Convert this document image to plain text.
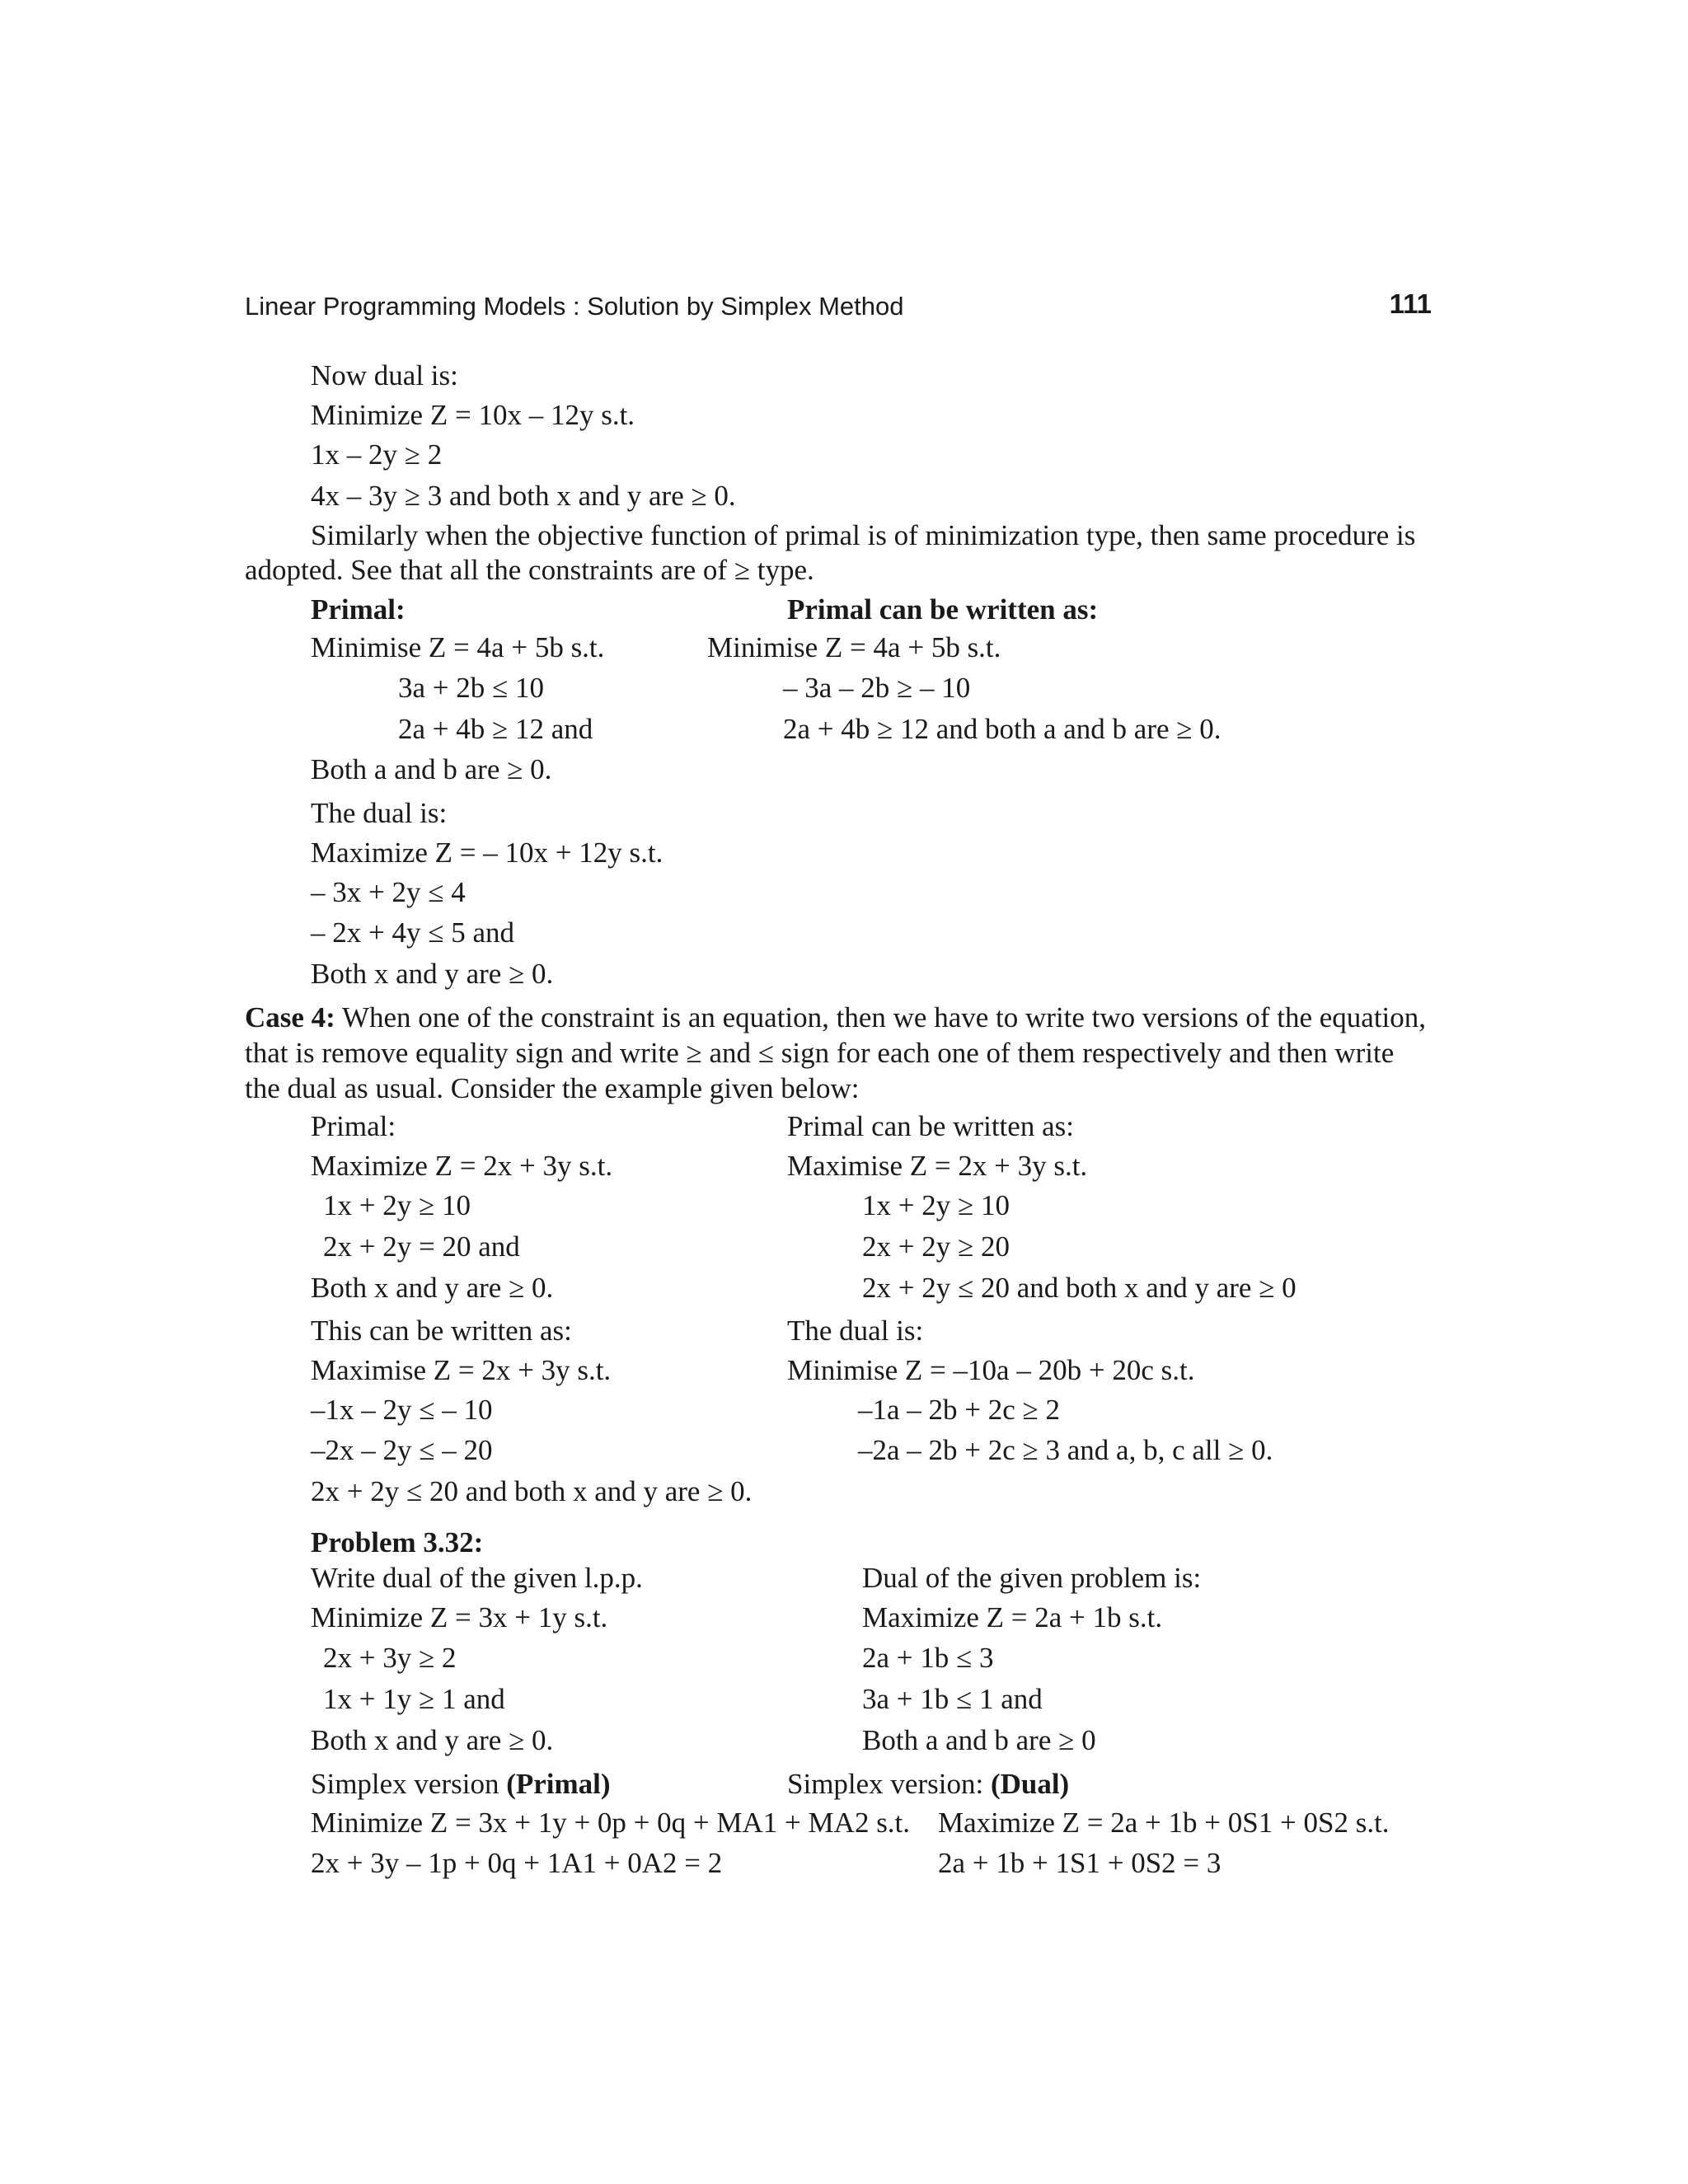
Linear Programming Models : Solution by Simplex Method	111
Now dual is:
Minimize Z = 10x – 12y s.t.
1x – 2y ≥ 2
4x – 3y ≥ 3 and both x and y are ≥ 0.
Similarly when the objective function of primal is of minimization type, then same procedure is
adopted. See that all the constraints are of ≥ type.
Primal:	Primal can be written as:
Minimise Z = 4a + 5b s.t.	Minimise Z = 4a + 5b s.t.
3a + 2b ≤ 10	– 3a – 2b ≥ – 10
2a + 4b ≥ 12 and	2a + 4b ≥ 12 and both a and b are ≥ 0.
Both a and b are ≥ 0.
The dual is:
Maximize Z = – 10x + 12y s.t.
– 3x + 2y ≤ 4
– 2x + 4y ≤ 5 and
Both x and y are ≥ 0.
Case 4: When one of the constraint is an equation, then we have to write two versions of the equation,
that is remove equality sign and write ≥ and ≤ sign for each one of them respectively and then write
the dual as usual. Consider the example given below:
Primal:	Primal can be written as:
Maximize Z = 2x + 3y s.t.	Maximise Z = 2x + 3y s.t.
1x + 2y ≥ 10	1x + 2y ≥ 10
2x + 2y = 20 and	2x + 2y ≥ 20
Both x and y are ≥ 0.	2x + 2y ≤ 20 and both x and y are ≥ 0
This can be written as:	The dual is:
Maximise Z = 2x + 3y s.t.	Minimise Z = –10a – 20b + 20c s.t.
–1x – 2y ≤ – 10	–1a – 2b + 2c ≥ 2
–2x – 2y ≤ – 20	–2a – 2b + 2c ≥ 3 and a, b, c all ≥ 0.
2x + 2y ≤ 20 and both x and y are ≥ 0.
Problem 3.32:
Write dual of the given l.p.p.	Dual of the given problem is:
Minimize Z = 3x + 1y s.t.	Maximize Z = 2a + 1b s.t.
2x + 3y ≥ 2	2a + 1b ≤ 3
1x + 1y ≥ 1 and	3a + 1b ≤ 1 and
Both x and y are ≥ 0.	Both a and b are ≥ 0
Simplex version (Primal)	Simplex version: (Dual)
Minimize Z = 3x + 1y + 0p + 0q + MA1 + MA2 s.t. Maximize Z = 2a + 1b + 0S1 + 0S2 s.t.
2x + 3y – 1p + 0q + 1A1 + 0A2 = 2	2a + 1b + 1S1 + 0S2 = 3
